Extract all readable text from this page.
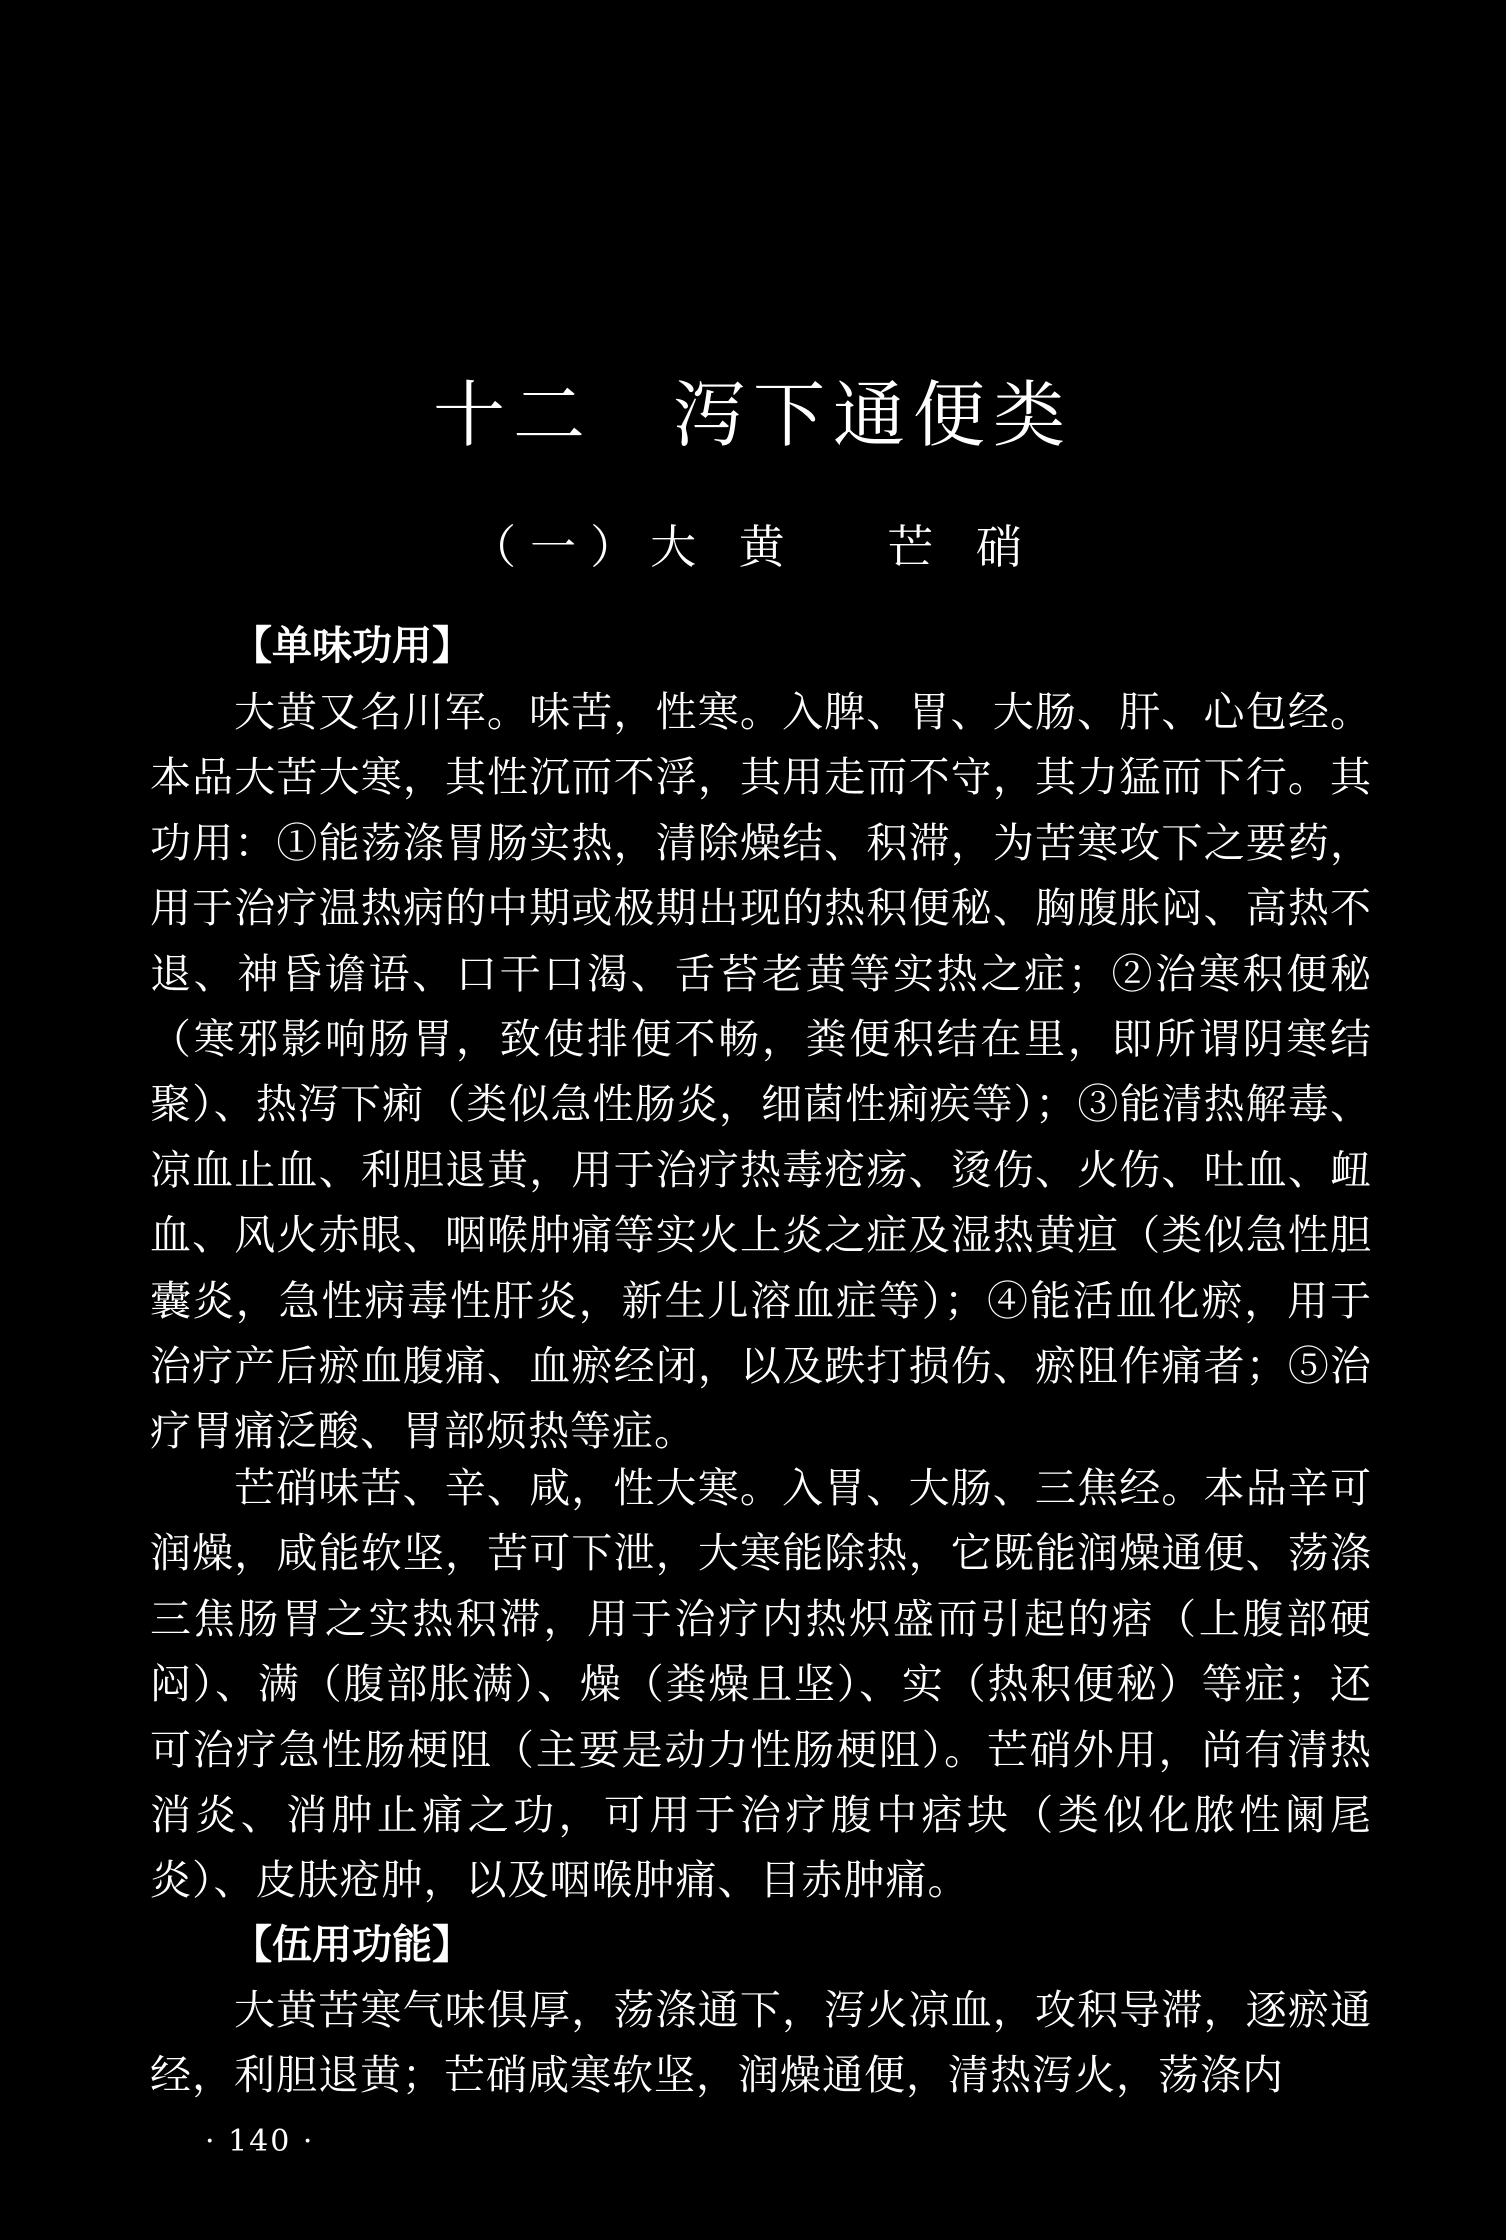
十二　泻下通便类
（一）大 黄　 芒 硝
【单味功用】

大黄又名川军。味苦，性寒。入脾、胃、大肠、肝、心包经。本品大苦大寒，其性沉而不浮，其用走而不守，其力猛而下行。其功用：①能荡涤胃肠实热，清除燥结、积滞，为苦寒攻下之要药，用于治疗温热病的中期或极期出现的热积便秘、胸腹胀闷、高热不退、神昏谵语、口干口渴、舌苔老黄等实热之症；②治寒积便秘（寒邪影响肠胃，致使排便不畅，粪便积结在里，即所谓阴寒结聚）、热泻下痢（类似急性肠炎，细菌性痢疾等）；③能清热解毒、凉血止血、利胆退黄，用于治疗热毒疮疡、烫伤、火伤、吐血、衄血、风火赤眼、咽喉肿痛等实火上炎之症及湿热黄疸（类似急性胆囊炎，急性病毒性肝炎，新生儿溶血症等）；④能活血化瘀，用于治疗产后瘀血腹痛、血瘀经闭，以及跌打损伤、瘀阻作痛者；⑤治疗胃痛泛酸、胃部烦热等症。

芒硝味苦、辛、咸，性大寒。入胃、大肠、三焦经。本品辛可润燥，咸能软坚，苦可下泄，大寒能除热，它既能润燥通便、荡涤三焦肠胃之实热积滞，用于治疗内热炽盛而引起的痞（上腹部硬闷）、满（腹部胀满）、燥（粪燥且坚）、实（热积便秘）等症；还可治疗急性肠梗阻（主要是动力性肠梗阻）。芒硝外用，尚有清热消炎、消肿止痛之功，可用于治疗腹中痞块（类似化脓性阑尾炎）、皮肤疮肿，以及咽喉肿痛、目赤肿痛。

【伍用功能】

大黄苦寒气味俱厚，荡涤通下，泻火凉血，攻积导滞，逐瘀通经，利胆退黄；芒硝咸寒软坚，润燥通便，清热泻火，荡涤内

· 140 ·
